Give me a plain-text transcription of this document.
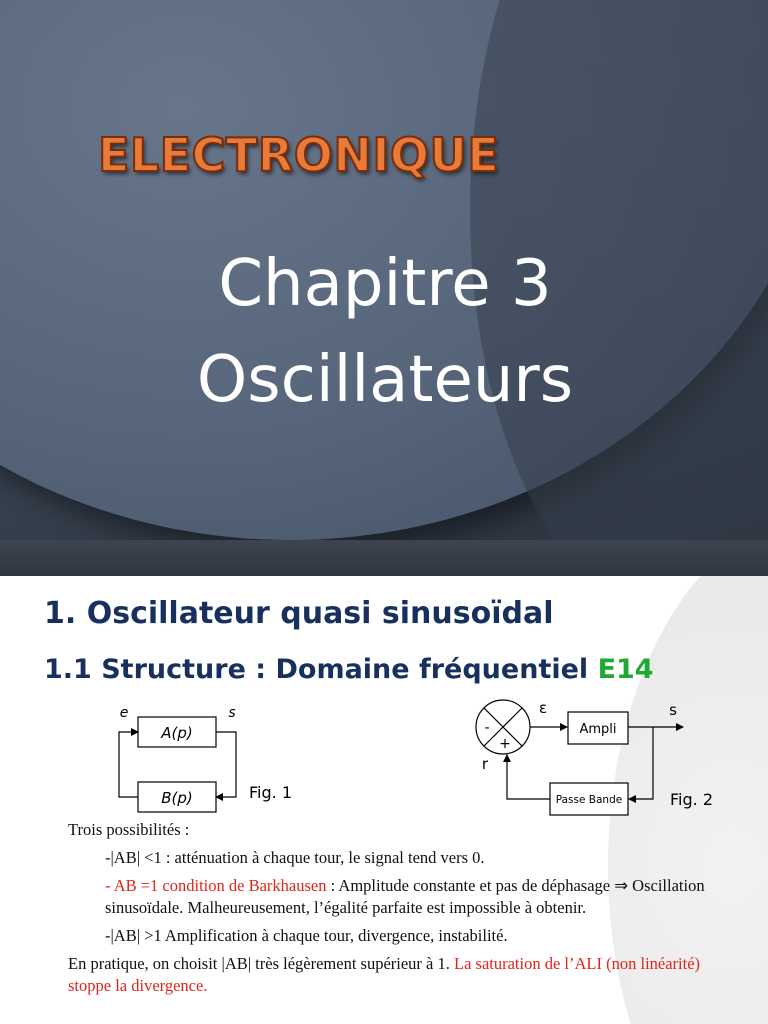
ELECTRONIQUE
Chapitre 3
Oscillateurs
1. Oscillateur quasi sinusoïdal
1.1 Structure : Domaine fréquentiel E14
A(p)
B(p)
e	s
Fig. 1
-
+
Ampli
Passe Bande
ε	s
r
Fig. 2

Trois possibilités :

-|AB| <1 : atténuation à chaque tour, le signal tend vers 0.

- AB =1 condition de Barkhausen : Amplitude constante et pas de déphasage ⇒ Oscillation sinusoïdale. Malheureusement, l’égalité parfaite est impossible à obtenir.

-|AB| >1 Amplification à chaque tour, divergence, instabilité.

En pratique, on choisit |AB| très légèrement supérieur à 1. La saturation de l’ALI (non linéarité) stoppe la divergence.
